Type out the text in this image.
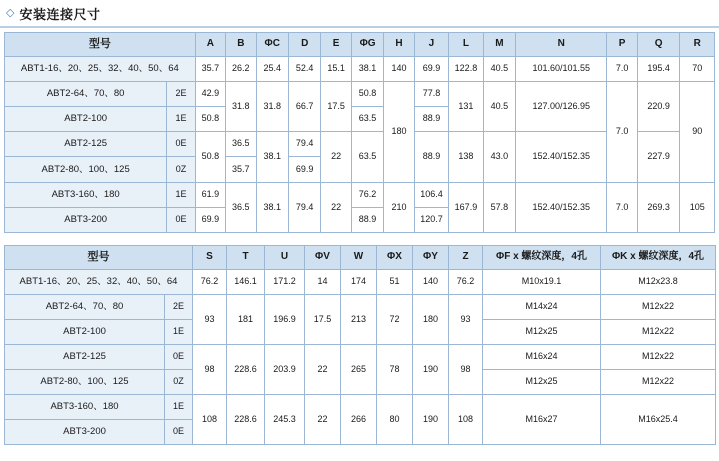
◇ 安装连接尺寸
型号		A	B	ΦC	D	E	ΦG	H	J	L	M	N	P	Q	R
ABT1-16、20、25、32、40、50、64		35.7	26.2	25.4	52.4	15.1	38.1	140	69.9	122.8	40.5	101.60/101.55	7.0	195.4	70
ABT2-64、70、80	2E	42.9	31.8	31.8	66.7	17.5	50.8	180	77.8	131	40.5	127.00/126.95	7.0	220.9	90
ABT2-100	1E	50.8					63.5		88.9						
ABT2-125	0E	50.8	36.5	38.1	79.4	22	63.5		88.9	138	43.0	152.40/152.35		227.9	
ABT2-80、100、125	0Z		35.7		69.9										
ABT3-160、180	1E	61.9	36.5	38.1	79.4	22	76.2	210	106.4	167.9	57.8	152.40/152.35	7.0	269.3	105
ABT3-200	0E	69.9					88.9		120.7						
型号		S	T	U	ΦV	W	ΦX	ΦY	Z	ΦF x 螺纹深度，4孔	ΦK x 螺纹深度，4孔
ABT1-16、20、25、32、40、50、64		76.2	146.1	171.2	14	174	51	140	76.2	M10x19.1	M12x23.8
ABT2-64、70、80	2E	93	181	196.9	17.5	213	72	180	93	M14x24	M12x22
ABT2-100	1E									M12x25	M12x22
ABT2-125	0E	98	228.6	203.9	22	265	78	190	98	M16x24	M12x22
ABT2-80、100、125	0Z									M12x25	M12x22
ABT3-160、180	1E	108	228.6	245.3	22	266	80	190	108	M16x27	M16x25.4
ABT3-200	0E										
